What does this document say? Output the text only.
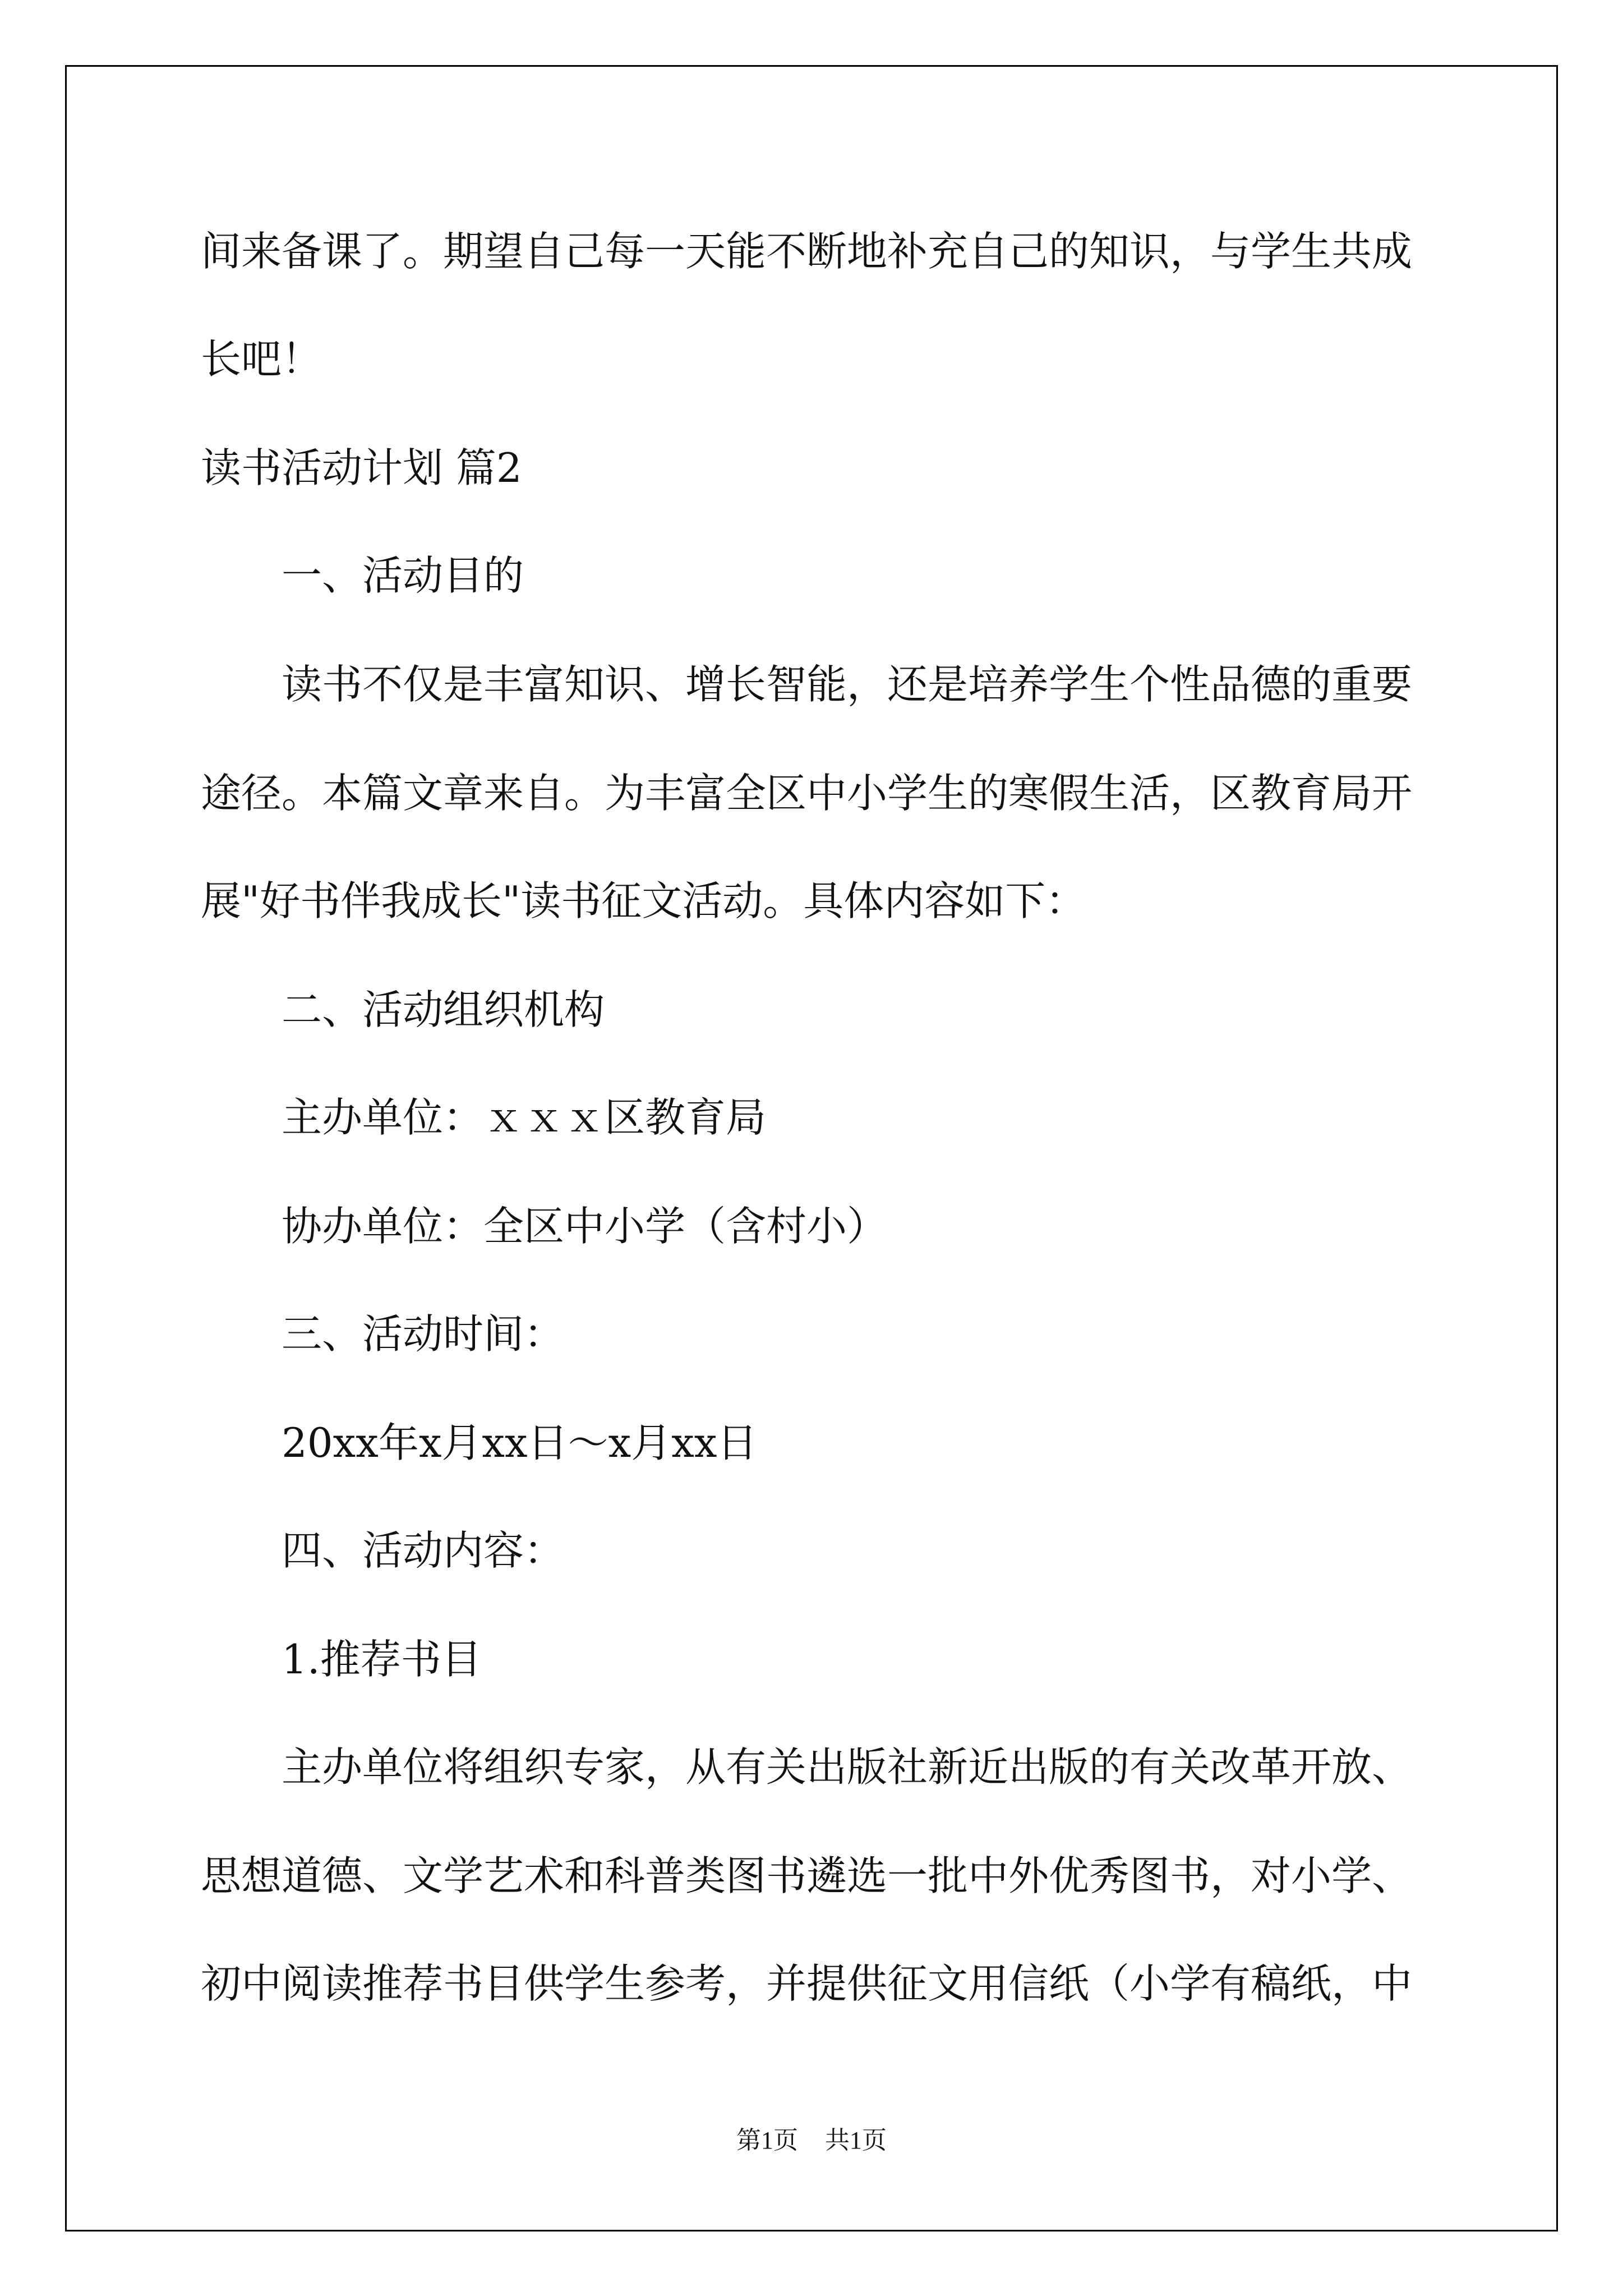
间来备课了。期望自己每一天能不断地补充自己的知识，与学生共成
长吧！
读书活动计划 篇2
一、活动目的
读书不仅是丰富知识、增长智能，还是培养学生个性品德的重要
途径。本篇文章来自。为丰富全区中小学生的寒假生活，区教育局开
展"好书伴我成长"读书征文活动。具体内容如下：
二、活动组织机构
主办单位：ｘｘｘ区教育局
协办单位：全区中小学（含村小）
三、活动时间：
20xx年x月xx日～x月xx日
四、活动内容：
1.推荐书目
主办单位将组织专家，从有关出版社新近出版的有关改革开放、
思想道德、文学艺术和科普类图书遴选一批中外优秀图书，对小学、
初中阅读推荐书目供学生参考，并提供征文用信纸（小学有稿纸，中
第1页 共1页
